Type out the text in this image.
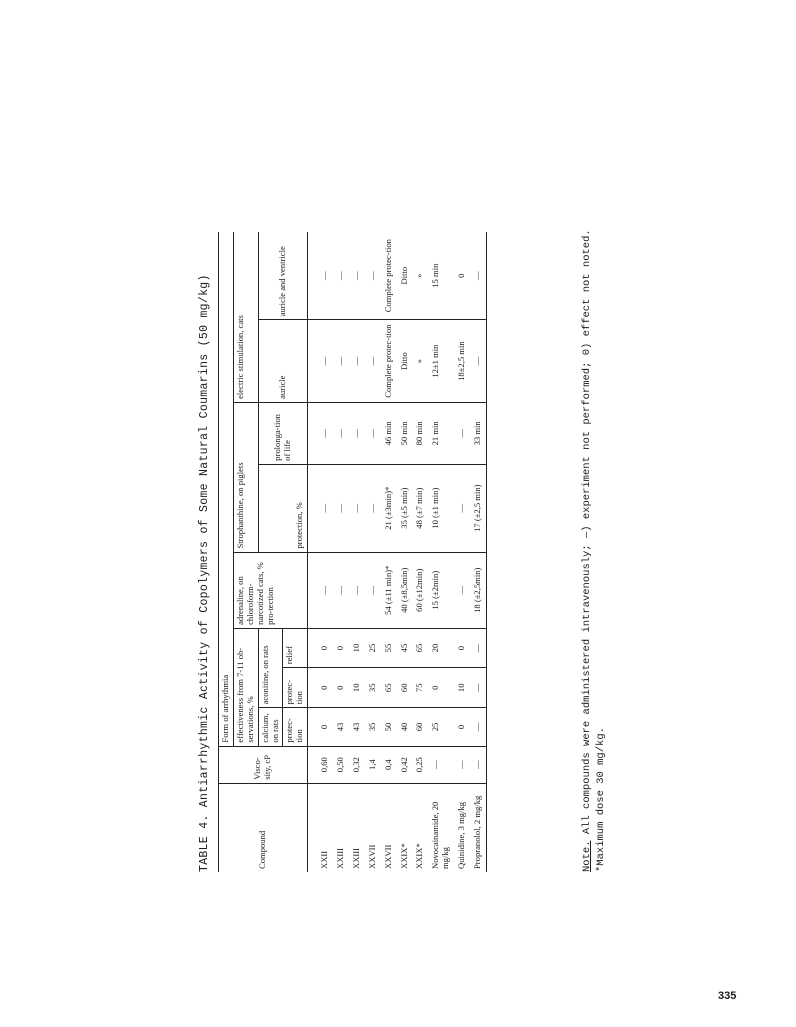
TABLE 4. Antiarrhythmic Activity of Copolymers of Some Natural Coumarins (50 mg/kg)	Compound	Visco-sity, cP	Form of arrhythmia							
		effectiveness from 7-11 ob-servations, %			adrenaline, on chloroform-narcotized cats, % pro-tection	Strophanthine, on piglets		electric stimulation, cats	
		calcium, on rats	aconitine, on rats			protection, %	prolonga-tion of life	auricle	auricle and ventricle
		protec-tion	protec-tion	relief					
XXII	0,60	0	0	0	—	—	—	—	—
XXIII	0,50	43	0	0	—	—	—	—	—
XXIII	0,32	43	10	10	—	—	—	—	—
XXVII	1,4	35	35	25	—	—	—	—	—
XXVII	0,4	50	65	55	54 (±11 min)*	21 (±3min)*	46 min	Complete protec-tion	Complete protec-tion
XXIX*	0,42	40	60	45	40 (±8,5min)	35 (±5 min)	50 min	Ditto	Ditto
XXIX*	0,25	60	75	65	60 (±12min)	48 (±7 min)	80 min	»	»
Novocainamide, 20 mg/kg	—	25	0	20	15 (±2min)	10 (±1 min)	21 min	12±1 min	15 min
Quinidine, 3 mg/kg	—	0	10	0	—	—	—	18±2,5 min	0
Propranolol, 2 mg/kg	—	—	—	—	18 (±2,5min)	17 (±2,5 min)	33 min	—	—
Note. All compounds were administered intravenously; —) experiment not performed; 0) effect not noted. *Maximum dose 30 mg/kg.
335
